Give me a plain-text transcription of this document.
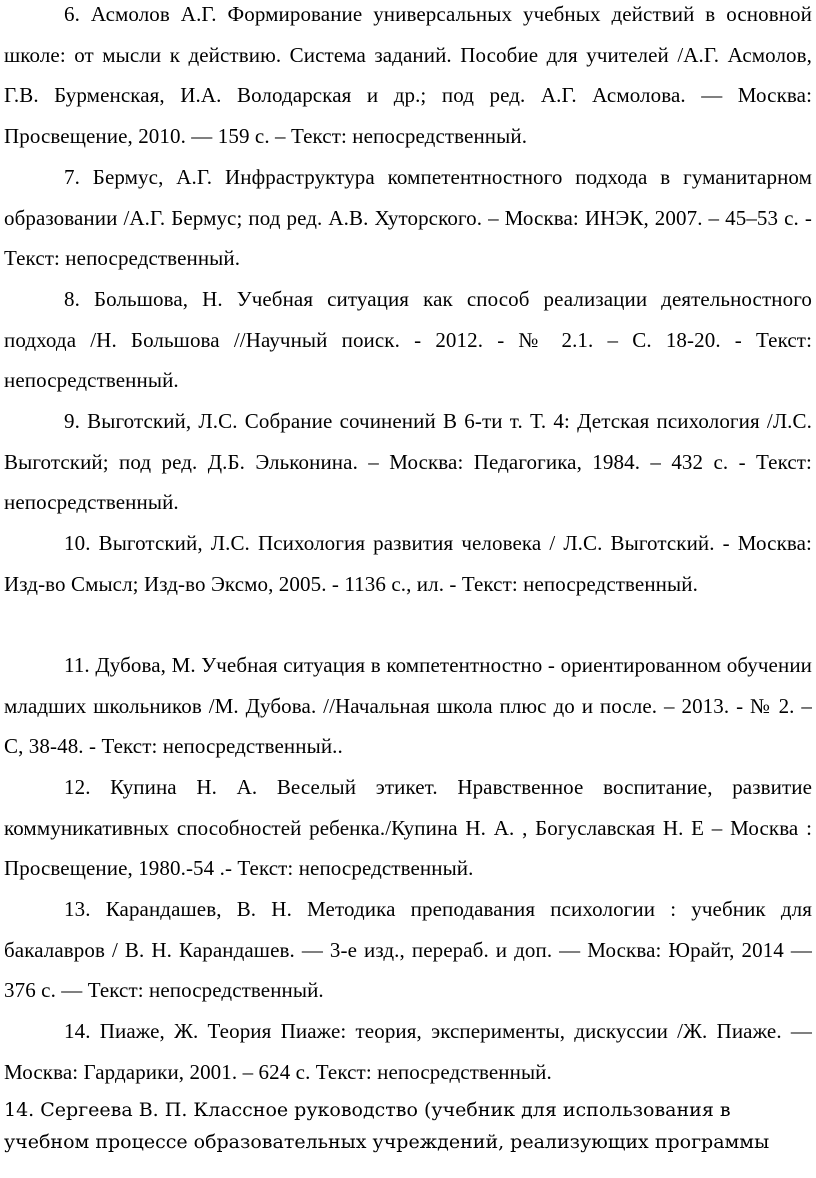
6. Асмолов А.Г. Формирование универсальных учебных действий в основной школе: от мысли к действию. Система заданий. Пособие для учителей /А.Г. Асмолов, Г.В. Бурменская, И.А. Володарская и др.; под ред. А.Г. Асмолова. — Москва: Просвещение, 2010. — 159 с. – Текст: непосредственный.

7. Бермус, А.Г. Инфраструктура компетентностного подхода в гуманитарном образовании /А.Г. Бермус; под ред. А.В. Хуторского. – Москва: ИНЭК, 2007. – 45–53 с. - Текст: непосредственный.

8. Большова, Н. Учебная ситуация как способ реализации деятельностного подхода /Н. Большова //Научный поиск. - 2012. - № 2.1. – С. 18-20. - Текст: непосредственный.

9. Выготский, Л.С. Собрание сочинений В 6-ти т. Т. 4: Детская психология /Л.С. Выготский; под ред. Д.Б. Эльконина. – Москва: Педагогика, 1984. – 432 с. - Текст: непосредственный.

10. Выготский, Л.С. Психология развития человека / Л.С. Выготский. - Москва: Изд-во Смысл; Изд-во Эксмо, 2005. - 1136 с., ил. - Текст: непосредственный.

11. Дубова, М. Учебная ситуация в компетентностно - ориентированном обучении младших школьников /М. Дубова. //Начальная школа плюс до и после. – 2013. - № 2. – С, 38-48. - Текст: непосредственный..

12. Купина Н. А. Веселый этикет. Нравственное воспитание, развитие коммуникативных способностей ребенка./Купина Н. А. , Богуславская Н. Е – Москва : Просвещение, 1980.-54 .- Текст: непосредственный.

13. Карандашев, В. Н. Методика преподавания психологии : учебник для бакалавров / В. Н. Карандашев. — 3-е изд., перераб. и доп. — Москва: Юрайт, 2014 — 376 с. — Текст: непосредственный.

14. Пиаже, Ж. Теория Пиаже: теория, эксперименты, дискуссии /Ж. Пиаже. — Москва: Гардарики, 2001. – 624 с. Текст: непосредственный.

14. Сергеева В. П. Классное руководство (учебник для использования в
учебном процессе образовательных учреждений, реализующих программы
